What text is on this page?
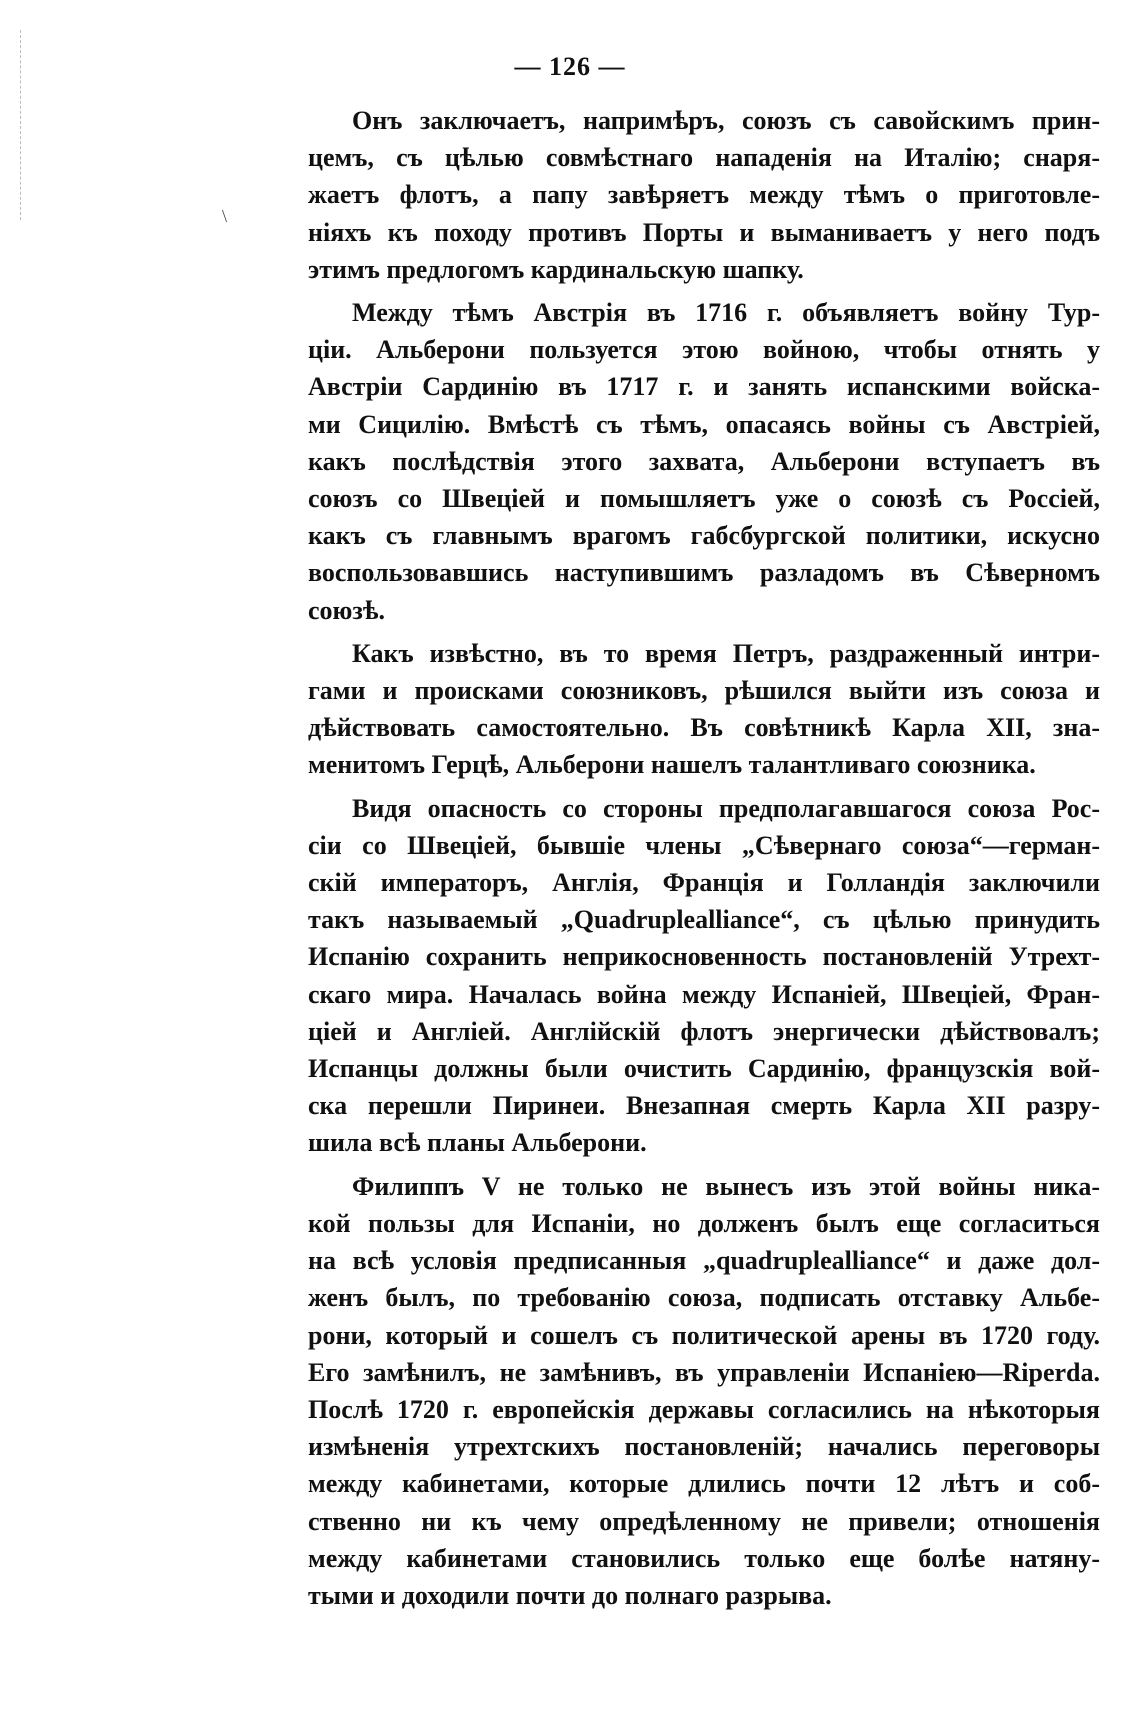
\
— 126 —

Онъ заключаетъ, напримѣръ, союзъ съ савойскимъ прин-
цемъ, съ цѣлью совмѣстнаго нападенія на Италію; снаря-
жаетъ флотъ, а папу завѣряетъ между тѣмъ о приготовле-
ніяхъ къ походу противъ Порты и выманиваетъ у него подъ
этимъ предлогомъ кардинальскую шапку.

Между тѣмъ Австрія въ 1716 г. объявляетъ войну Тур-
ціи. Альберони пользуется этою войною, чтобы отнять у
Австріи Сардинію въ 1717 г. и занять испанскими войска-
ми Сицилію. Вмѣстѣ съ тѣмъ, опасаясь войны съ Австріей,
какъ послѣдствія этого захвата, Альберони вступаетъ въ
союзъ со Швеціей и помышляетъ уже о союзѣ съ Россіей,
какъ съ главнымъ врагомъ габсбургской политики, искусно
воспользовавшись наступившимъ разладомъ въ Сѣверномъ
союзѣ.

Какъ извѣстно, въ то время Петръ, раздраженный интри-
гами и происками союзниковъ, рѣшился выйти изъ союза и
дѣйствовать самостоятельно. Въ совѣтникѣ Карла XII, зна-
менитомъ Герцѣ, Альберони нашелъ талантливаго союзника.

Видя опасность со стороны предполагавшагося союза Рос-
сіи со Швеціей, бывшіе члены „Сѣвернаго союза“—герман-
скій императоръ, Англія, Франція и Голландія заключили
такъ называемый „Quadruplealliance“, съ цѣлью принудить
Испанію сохранить неприкосновенность постановленій Утрехт-
скаго мира. Началась война между Испаніей, Швеціей, Фран-
ціей и Англіей. Англійскій флотъ энергически дѣйствовалъ;
Испанцы должны были очистить Сардинію, французскія вой-
ска перешли Пиринеи. Внезапная смерть Карла XII разру-
шила всѣ планы Альберони.

Филиппъ V не только не вынесъ изъ этой войны никa-
кой пользы для Испаніи, но долженъ былъ еще согласиться
на всѣ условія предписанныя „quadruplealliance“ и даже дол-
женъ былъ, по требованію союза, подписать отставку Альбе-
рони, который и сошелъ съ политической арены въ 1720 году.
Его замѣнилъ, не замѣнивъ, въ управленіи Испаніею—Riperda.
Послѣ 1720 г. европейскія державы согласились на нѣкоторыя
измѣненія утрехтскихъ постановленій; начались переговоры
между кабинетами, которые длились почти 12 лѣтъ и соб-
ственно ни къ чему опредѣленному не привели; отношенія
между кабинетами становились только еще болѣе натяну-
тыми и доходили почти до полнаго разрыва.
